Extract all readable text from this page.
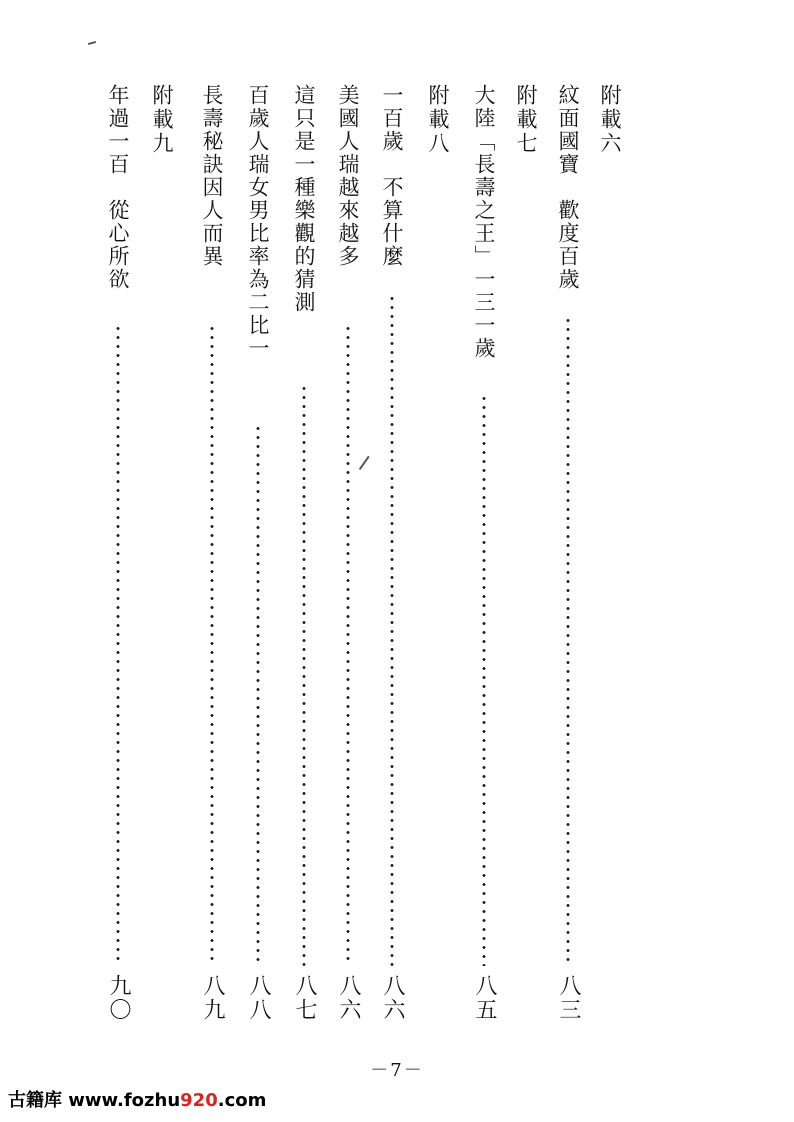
附載六
紋面國寶　歡度百歲
八三
附載七
大陸「長壽之王」一三一歲
八五
附載八
一百歲　不算什麼
八六
美國人瑞越來越多
八六
這只是一種樂觀的猜測
八七
百歲人瑞女男比率為二比一
八八
長壽秘訣因人而異
八九
附載九
年過一百　從心所欲
九〇
－7－
古籍库 www.fozhu920.com
